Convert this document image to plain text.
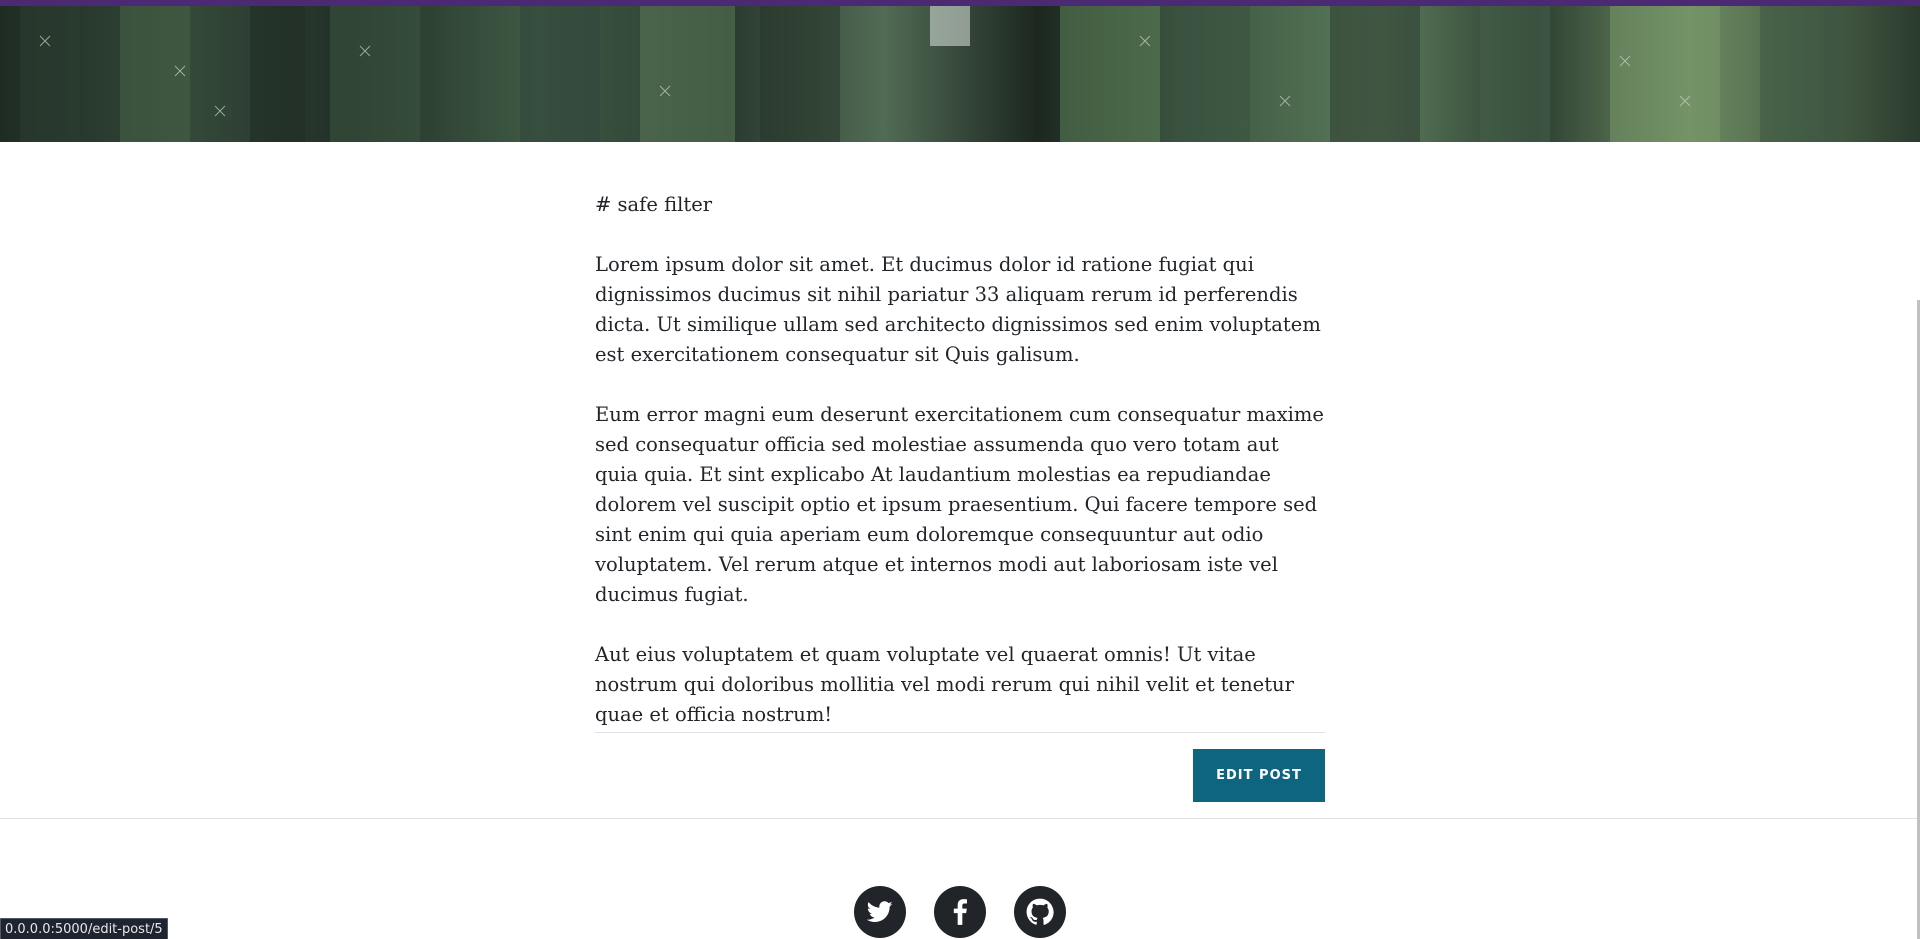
# safe filter

Lorem ipsum dolor sit amet. Et ducimus dolor id ratione fugiat qui dignissimos ducimus sit nihil pariatur 33 aliquam rerum id perferendis dicta. Ut similique ullam sed architecto dignissimos sed enim voluptatem est exercitationem consequatur sit Quis galisum.

Eum error magni eum deserunt exercitationem cum consequatur maxime sed consequatur officia sed molestiae assumenda quo vero totam aut quia quia. Et sint explicabo At laudantium molestias ea repudiandae dolorem vel suscipit optio et ipsum praesentium. Qui facere tempore sed sint enim qui quia aperiam eum doloremque consequuntur aut odio voluptatem. Vel rerum atque et internos modi aut laboriosam iste vel ducimus fugiat.

Aut eius voluptatem et quam voluptate vel quaerat omnis! Ut vitae nostrum qui doloribus mollitia vel modi rerum qui nihil velit et tenetur quae et officia nostrum!

EDIT POST
0.0.0.0:5000/edit-post/5
